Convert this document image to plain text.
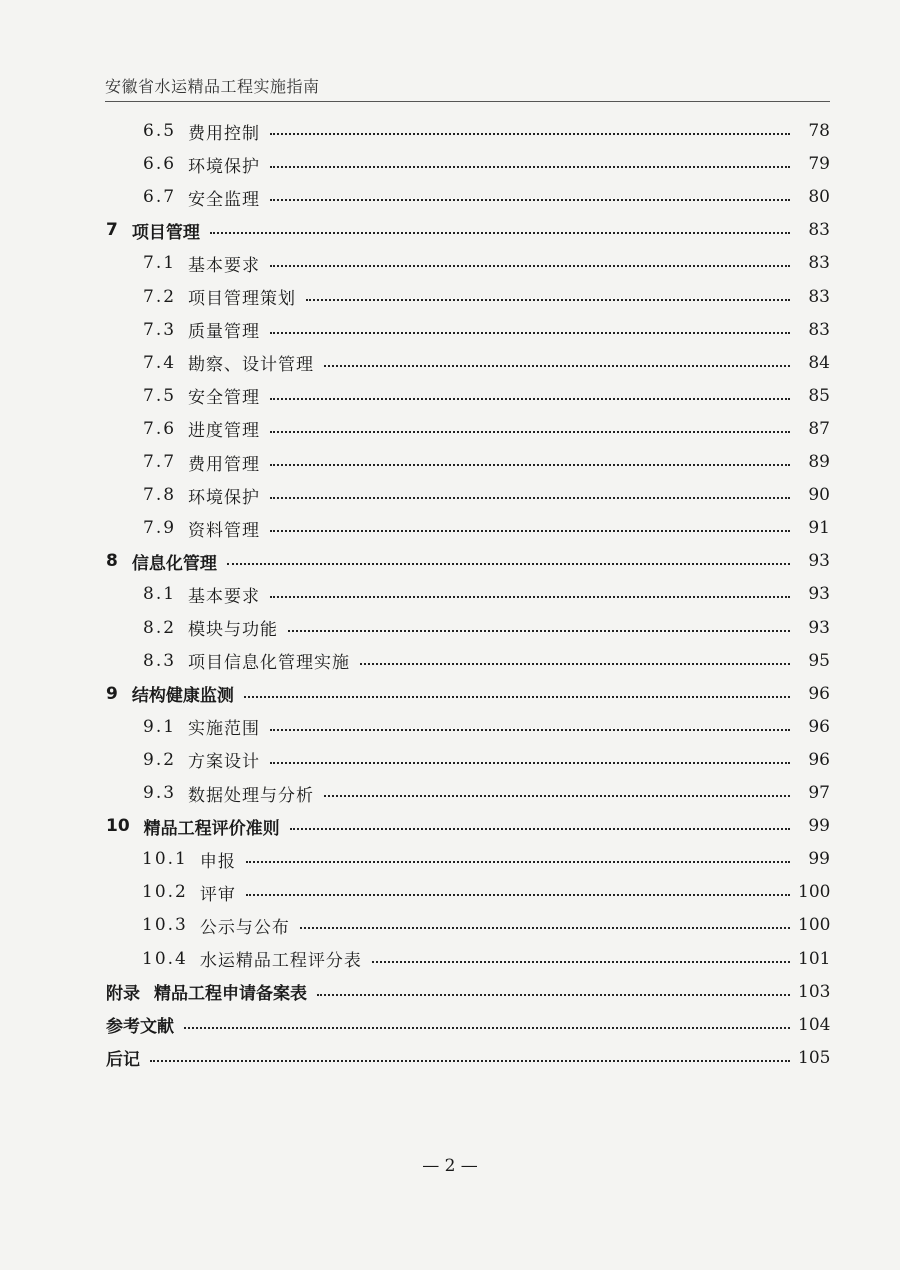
安徽省水运精品工程实施指南
6.5 费用控制	78
6.6 环境保护	79
6.7 安全监理	80
7 项目管理	83
7.1 基本要求	83
7.2 项目管理策划	83
7.3 质量管理	83
7.4 勘察、设计管理	84
7.5 安全管理	85
7.6 进度管理	87
7.7 费用管理	89
7.8 环境保护	90
7.9 资料管理	91
8 信息化管理	93
8.1 基本要求	93
8.2 模块与功能	93
8.3 项目信息化管理实施	95
9 结构健康监测	96
9.1 实施范围	96
9.2 方案设计	96
9.3 数据处理与分析	97
10 精品工程评价准则	99
10.1 申报	99
10.2 评审	100
10.3 公示与公布	100
10.4 水运精品工程评分表	101
附录 精品工程申请备案表	103
参考文献	104
后记	105
— 2 —
